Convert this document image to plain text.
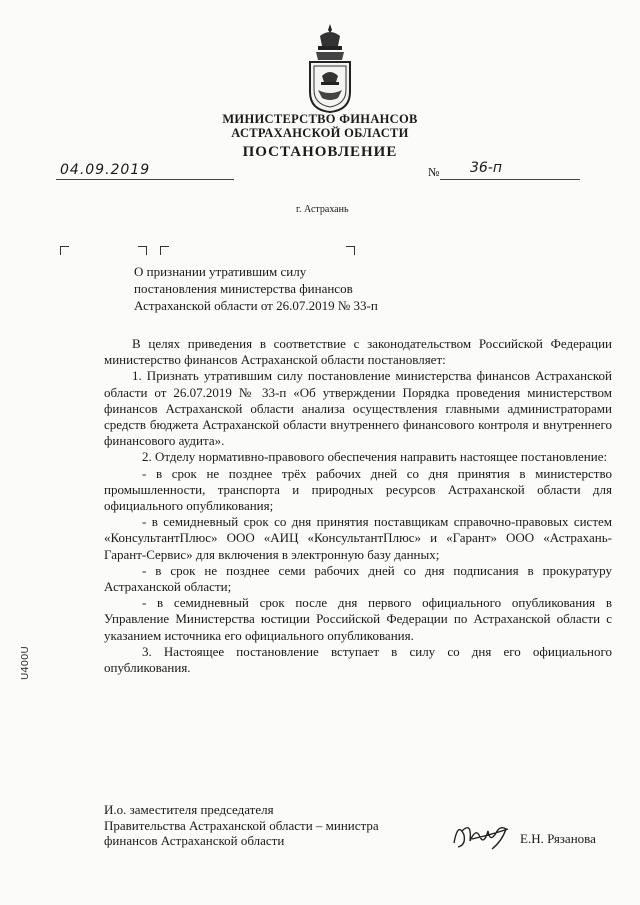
МИНИСТЕРСТВО ФИНАНСОВ
АСТРАХАНСКОЙ ОБЛАСТИ
ПОСТАНОВЛЕНИЕ
04.09.2019	№ 36-п
г. Астрахань
О признании утратившим силу
постановления министерства финансов
Астраханской области от 26.07.2019 № 33-п

В целях приведения в соответствие с законодательством Российской Федерации министерство финансов Астраханской области постановляет:

1. Признать утратившим силу постановление министерства финансов Астраханской области от 26.07.2019 № 33-п «Об утверждении Порядка проведения министерством финансов Астраханской области анализа осуществления главными администраторами средств бюджета Астраханской области внутреннего финансового контроля и внутреннего финансового аудита».

2. Отделу нормативно-правового обеспечения направить настоящее постановление:

- в срок не позднее трёх рабочих дней со дня принятия в министерство промышленности, транспорта и природных ресурсов Астраханской области для официального опубликования;

- в семидневный срок со дня принятия поставщикам справочно-правовых систем «КонсультантПлюс» ООО «АИЦ «КонсультантПлюс» и «Гарант» ООО «Астрахань-Гарант-Сервис» для включения в электронную базу данных;

- в срок не позднее семи рабочих дней со дня подписания в прокуратуру Астраханской области;

- в семидневный срок после дня первого официального опубликования в Управление Министерства юстиции Российской Федерации по Астраханской области с указанием источника его официального опубликования.

3. Настоящее постановление вступает в силу со дня его официального опубликования.

И.о. заместителя председателя
Правительства Астраханской области – министра
финансов Астраханской области	Е.Н. Рязанова
U400U
